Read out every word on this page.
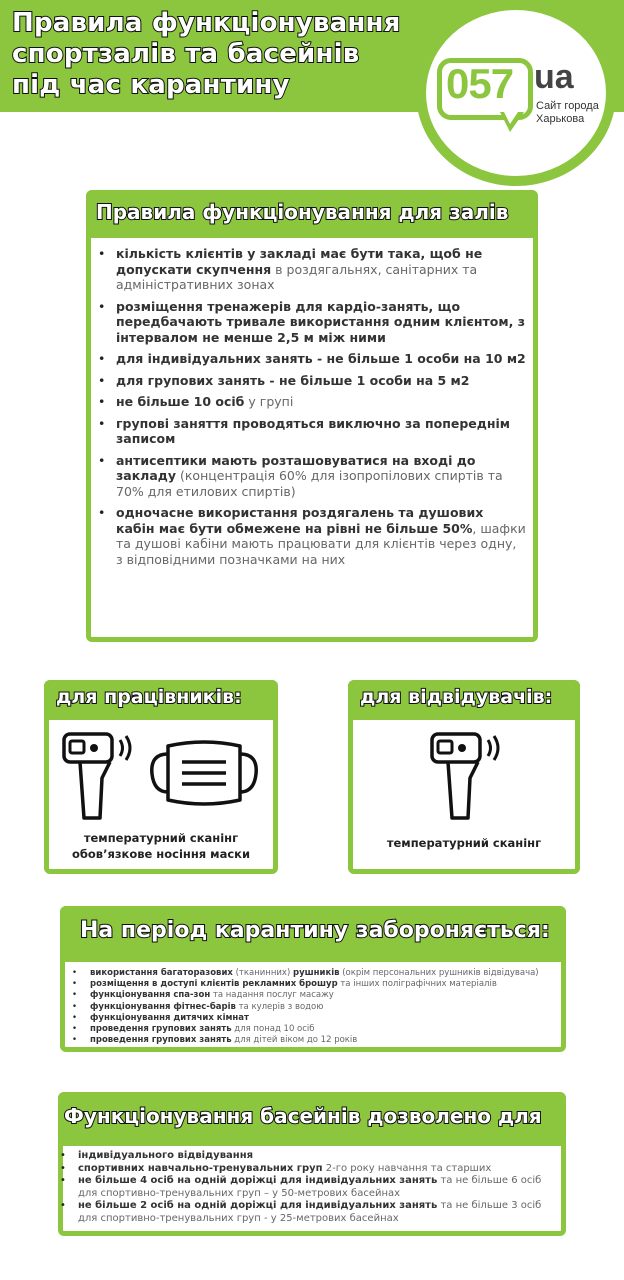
Правила функціонування
спортзалів та басейнів
під час карантину	057 ua
Сайт города
Харькова
Правила функціонування для залів
• кількість клієнтів у закладі має бути така, щоб не допускати скупчення в роздягальнях, санітарних та адміністративних зонах
• розміщення тренажерів для кардіо-занять, що передбачають тривале використання одним клієнтом, з інтервалом не менше 2,5 м між ними
• для індивідуальних занять - не більше 1 особи на 10 м2
• для групових занять - не більше 1 особи на 5 м2
• не більше 10 осіб у групі
• групові заняття проводяться виключно за попереднім записом
• антисептики мають розташовуватися на вході до закладу (концентрація 60% для ізопропілових спиртів та 70% для етилових спиртів)
• одночасне використання роздягалень та душових кабін має бути обмежене на рівні не більше 50%, шафки та душові кабіни мають працювати для клієнтів через одну, з відповідними позначками на них
для працівників:
температурний сканінг
обов’язкове носіння маски
для відвідувачів:
температурний сканінг
На період карантину забороняється:
• використання багаторазових (тканинних) рушників (окрім персональних рушників відвідувача)
• розміщення в доступі клієнтів рекламних брошур та інших поліграфічних матеріалів
• функціонування спа-зон та надання послуг масажу
• функціонування фітнес-барів та кулерів з водою
• функціонування дитячих кімнат
• проведення групових занять для понад 10 осіб
• проведення групових занять для дітей віком до 12 років
Функціонування басейнів дозволено для
• індивідуального відвідування
• спортивних навчально-тренувальних груп 2-го року навчання та старших
• не більше 4 осіб на одній доріжці для індивідуальних занять та не більше 6 осіб для спортивно-тренувальних груп – у 50-метрових басейнах
• не більше 2 осіб на одній доріжці для індивідуальних занять та не більше 3 осіб для спортивно-тренувальних груп - у 25-метрових басейнах
